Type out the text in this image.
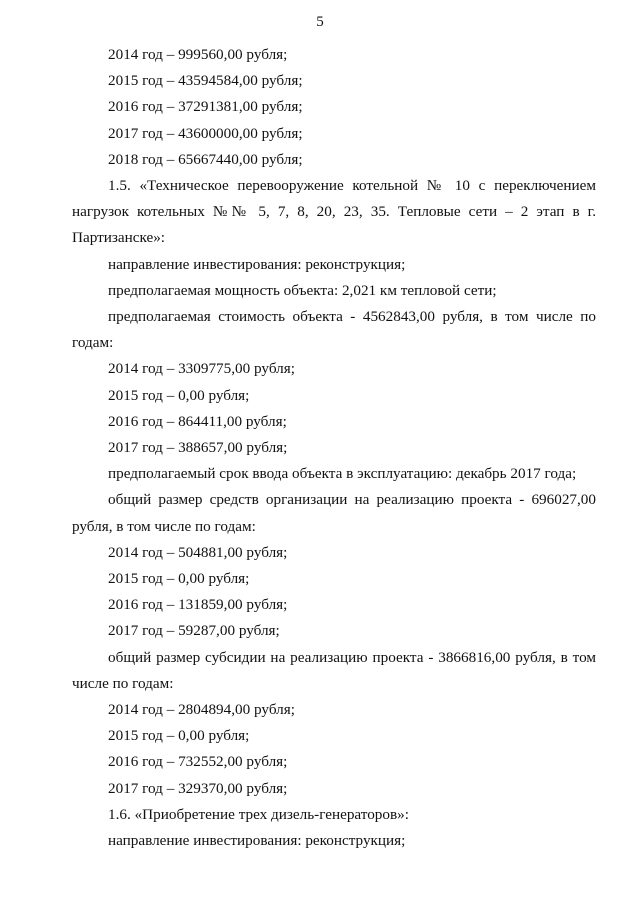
5

2014 год – 999560,00 рубля;

2015 год – 43594584,00 рубля;

2016 год – 37291381,00 рубля;

2017 год – 43600000,00 рубля;

2018 год – 65667440,00 рубля;

1.5. «Техническое перевооружение котельной № 10 с переключением нагрузок котельных №№ 5, 7, 8, 20, 23, 35. Тепловые сети – 2 этап в г. Партизанске»:

направление инвестирования: реконструкция;

предполагаемая мощность объекта: 2,021 км тепловой сети;

предполагаемая стоимость объекта - 4562843,00 рубля, в том числе по годам:

2014 год – 3309775,00 рубля;

2015 год – 0,00 рубля;

2016 год – 864411,00 рубля;

2017 год – 388657,00 рубля;

предполагаемый срок ввода объекта в эксплуатацию: декабрь 2017 года;

общий размер средств организации на реализацию проекта - 696027,00 рубля, в том числе по годам:

2014 год – 504881,00 рубля;

2015 год – 0,00 рубля;

2016 год – 131859,00 рубля;

2017 год – 59287,00 рубля;

общий размер субсидии на реализацию проекта - 3866816,00 рубля, в том числе по годам:

2014 год – 2804894,00 рубля;

2015 год – 0,00 рубля;

2016 год – 732552,00 рубля;

2017 год – 329370,00 рубля;

1.6. «Приобретение трех дизель-генераторов»:

направление инвестирования: реконструкция;
